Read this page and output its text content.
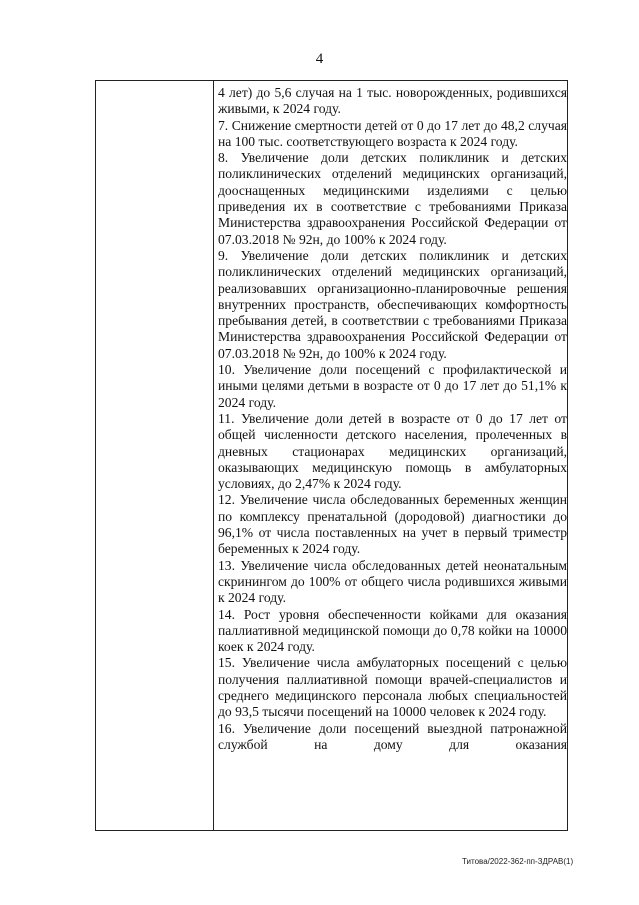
4

4 лет) до 5,6 случая на 1 тыс. новорожденных, родившихся живыми, к 2024 году.

7. Снижение смертности детей от 0 до 17 лет до 48,2 случая на 100 тыс. соответствующего возраста к 2024 году.

8. Увеличение доли детских поликлиник и детских поликлинических отделений медицинских организаций, дооснащенных медицинскими изделиями с целью приведения их в соответствие с требованиями Приказа Министерства здравоохранения Российской Федерации от 07.03.2018 № 92н, до 100% к 2024 году.

9. Увеличение доли детских поликлиник и детских поликлинических отделений медицинских организаций, реализовавших организационно-планировочные решения внутренних пространств, обеспечивающих комфортность пребывания детей, в соответствии с требованиями Приказа Министерства здравоохранения Российской Федерации от 07.03.2018 № 92н, до 100% к 2024 году.

10. Увеличение доли посещений с профилактической и иными целями детьми в возрасте от 0 до 17 лет до 51,1% к 2024 году.

11. Увеличение доли детей в возрасте от 0 до 17 лет от общей численности детского населения, пролеченных в дневных стационарах медицинских организаций, оказывающих медицинскую помощь в амбулаторных условиях, до 2,47% к 2024 году.

12. Увеличение числа обследованных беременных женщин по комплексу пренатальной (дородовой) диагностики до 96,1% от числа поставленных на учет в первый триместр беременных к 2024 году.

13. Увеличение числа обследованных детей неонатальным скринингом до 100% от общего числа родившихся живыми к 2024 году.

14. Рост уровня обеспеченности койками для оказания паллиативной медицинской помощи до 0,78 койки на 10000 коек к 2024 году.

15. Увеличение числа амбулаторных посещений с целью получения паллиативной помощи врачей-специалистов и среднего медицинского персонала любых специальностей до 93,5 тысячи посещений на 10000 человек к 2024 году.

16. Увеличение доли посещений выездной патронажной службой на дому для оказания

Титова/2022-362-пп-ЗДРАВ(1)
